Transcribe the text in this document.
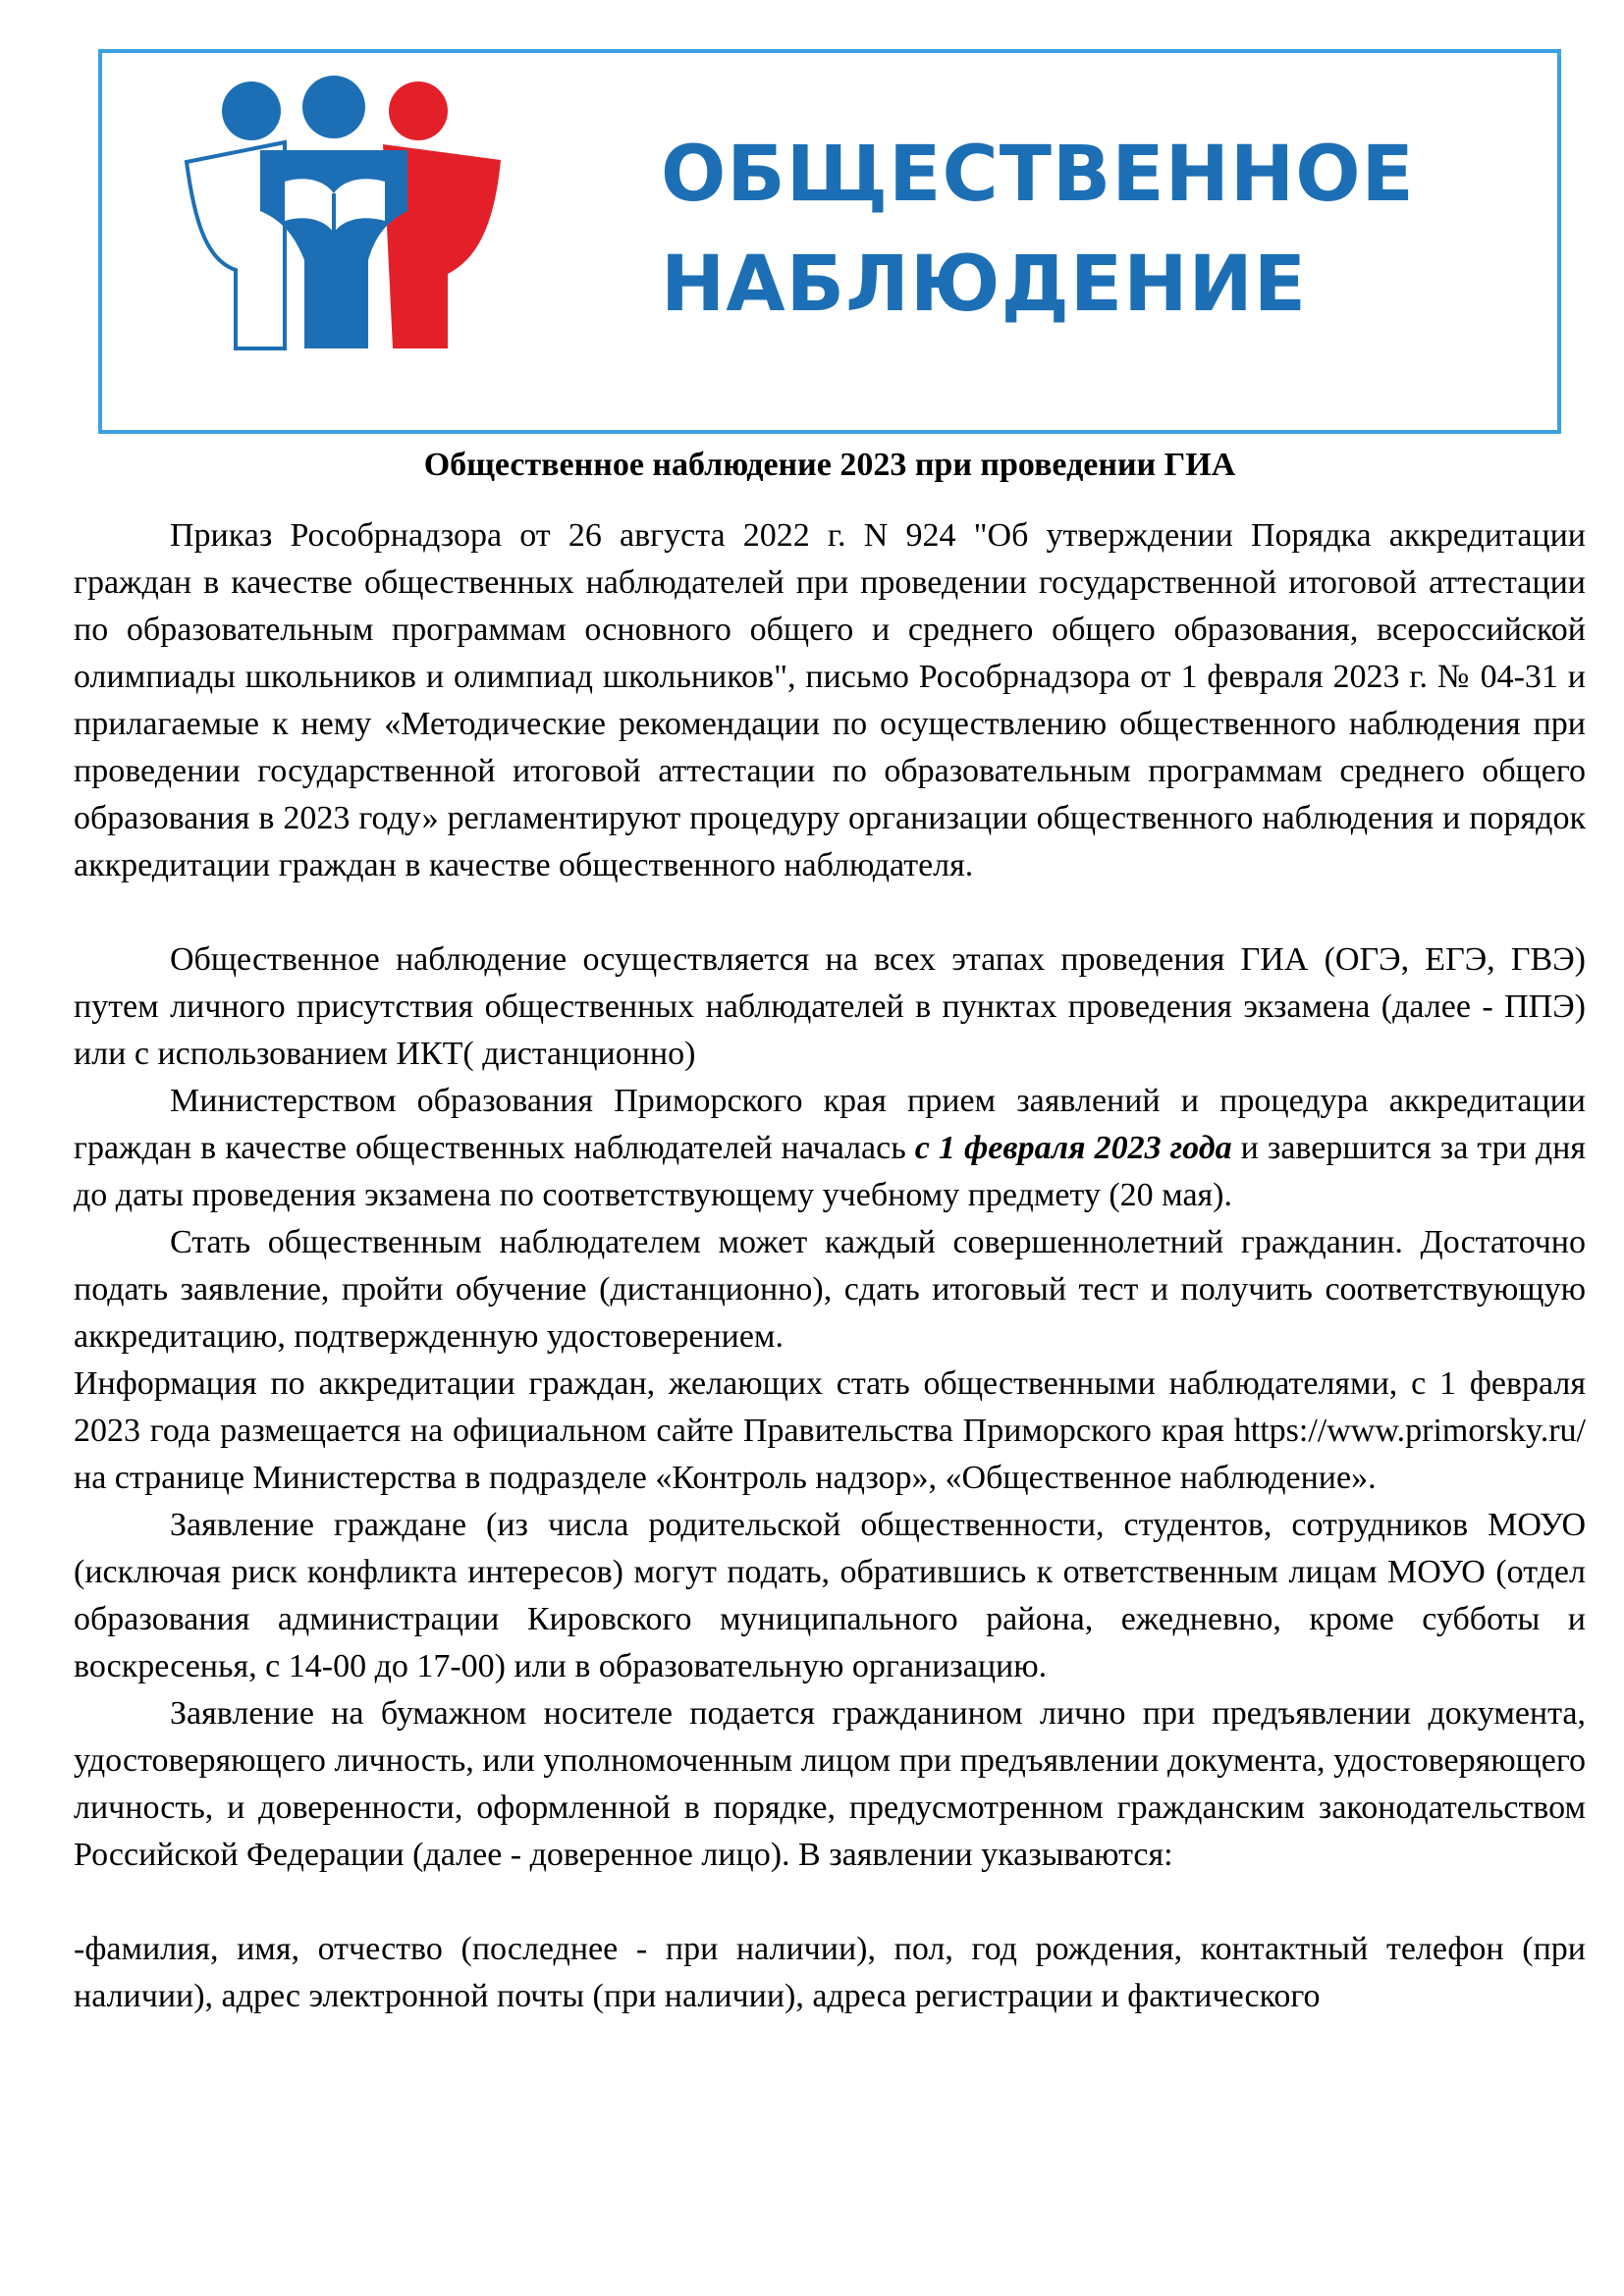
ОБЩЕСТВЕННОЕ
НАБЛЮДЕНИЕ
Общественное наблюдение 2023 при проведении ГИА

Приказ Рособрнадзора от 26 августа 2022 г. N 924 "Об утверждении Порядка аккредитации граждан в качестве общественных наблюдателей при проведении государственной итоговой аттестации по образовательным программам основного общего и среднего общего образования, всероссийской олимпиады школьников и олимпиад школьников", письмо Рособрнадзора от 1 февраля 2023 г. № 04-31 и прилагаемые к нему «Методические рекомендации по осуществлению общественного наблюдения при проведении государственной итоговой аттестации по образовательным программам среднего общего образования в 2023 году» регламентируют процедуру организации общественного наблюдения и порядок аккредитации граждан в качестве общественного наблюдателя.

Общественное наблюдение осуществляется на всех этапах проведения ГИА (ОГЭ, ЕГЭ, ГВЭ) путем личного присутствия общественных наблюдателей в пунктах проведения экзамена (далее - ППЭ) или с использованием ИКТ( дистанционно)

Министерством образования Приморского края прием заявлений и процедура аккредитации граждан в качестве общественных наблюдателей началась с 1 февраля 2023 года и завершится за три дня до даты проведения экзамена по соответствующему учебному предмету (20 мая).

Стать общественным наблюдателем может каждый совершеннолетний гражданин. Достаточно подать заявление, пройти обучение (дистанционно), сдать итоговый тест и получить соответствующую аккредитацию, подтвержденную удостоверением.

Информация по аккредитации граждан, желающих стать общественными наблюдателями, с 1 февраля 2023 года размещается на официальном сайте Правительства Приморского края https://www.primorsky.ru/ на странице Министерства в подразделе «Контроль надзор», «Общественное наблюдение».

Заявление граждане (из числа родительской общественности, студентов, сотрудников МОУО (исключая риск конфликта интересов) могут подать, обратившись к ответственным лицам МОУО (отдел образования администрации Кировского муниципального района, ежедневно, кроме субботы и воскресенья, с 14-00 до 17-00) или в образовательную организацию.

Заявление на бумажном носителе подается гражданином лично при предъявлении документа, удостоверяющего личность, или уполномоченным лицом при предъявлении документа, удостоверяющего личность, и доверенности, оформленной в порядке, предусмотренном гражданским законодательством Российской Федерации (далее - доверенное лицо). В заявлении указываются:

-фамилия, имя, отчество (последнее - при наличии), пол, год рождения, контактный телефон (при наличии), адрес электронной почты (при наличии), адреса регистрации и фактического
